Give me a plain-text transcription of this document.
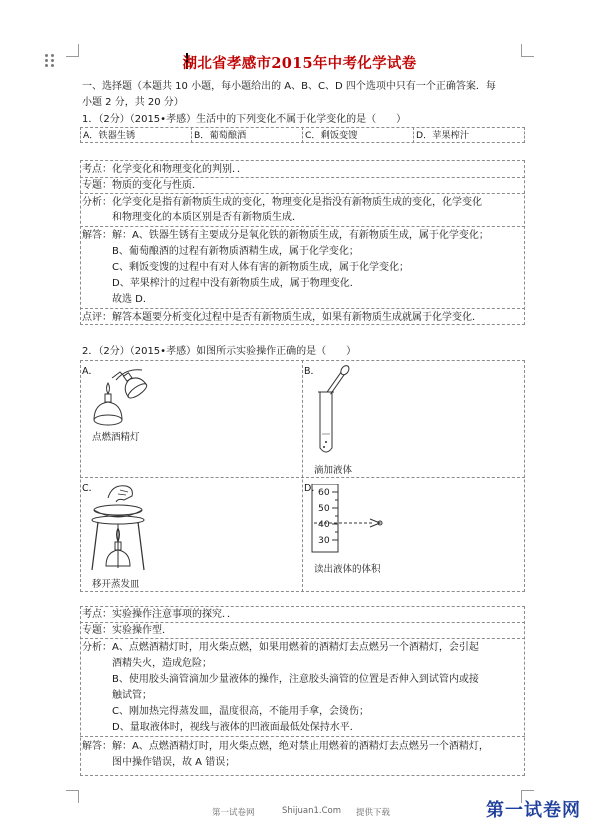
湖北省孝感市2015年中考化学试卷
一、选择题（本题共 10 小题，每小题给出的 A、B、C、D 四个选项中只有一个正确答案．每
小题 2 分，共 20 分）
1．（2分）（2015•孝感）生活中的下列变化不属于化学变化的是（　　）
A．铁器生锈	B．葡萄酿酒	C．剩饭变馊	D．苹果榨汁
考点：化学变化和物理变化的判别．．
专题：物质的变化与性质．
分析：化学变化是指有新物质生成的变化，物理变化是指没有新物质生成的变化，化学变化
和物理变化的本质区别是否有新物质生成．
解答：解：A、铁器生锈有主要成分是氧化铁的新物质生成，有新物质生成，属于化学变化；
B、葡萄酿酒的过程有新物质酒精生成，属于化学变化；
C、剩饭变馊的过程中有对人体有害的新物质生成，属于化学变化；
D、苹果榨汁的过程中没有新物质生成，属于物理变化．
故选 D．
点评：解答本题要分析变化过程中是否有新物质生成，如果有新物质生成就属于化学变化．
2．（2分）（2015•孝感）如图所示实验操作正确的是（　　）
A．
点燃酒精灯
B．
滴加液体
C．
移开蒸发皿
D．
60
50
40
30
读出液体的体积
考点：实验操作注意事项的探究．．
专题：实验操作型．
分析：A、点燃酒精灯时，用火柴点燃，如果用燃着的酒精灯去点燃另一个酒精灯，会引起
酒精失火，造成危险；
B、使用胶头滴管滴加少量液体的操作，注意胶头滴管的位置是否伸入到试管内或接
触试管；
C、刚加热完得蒸发皿，温度很高，不能用手拿，会烫伤；
D、量取液体时，视线与液体的凹液面最低处保持水平．
解答：解：A、点燃酒精灯时，用火柴点燃，绝对禁止用燃着的酒精灯去点燃另一个酒精灯，
图中操作错误，故 A 错误；
第一试卷网	Shijuan1.Com 提供下载	第一试卷网
